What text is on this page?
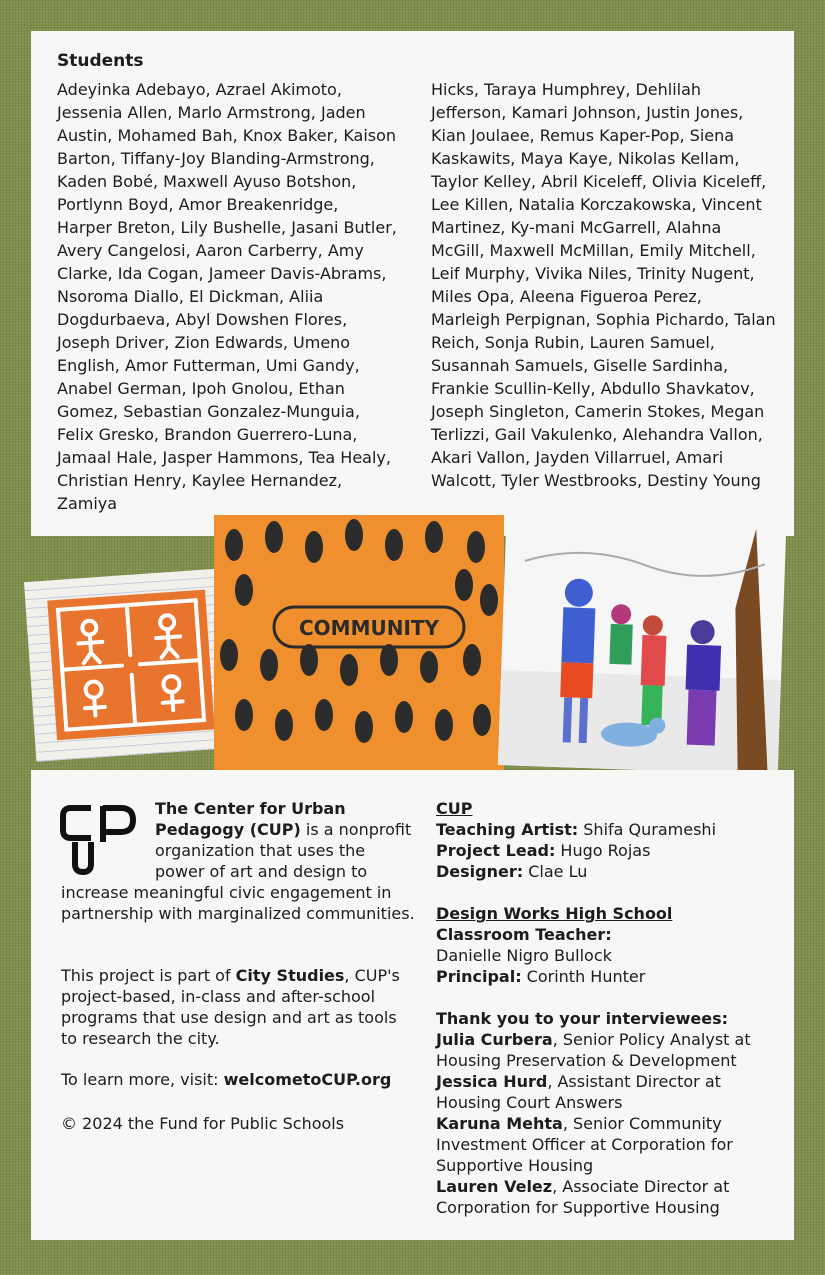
Students
Adeyinka Adebayo, Azrael Akimoto, Jessenia Allen, Marlo Armstrong, Jaden Austin, Mohamed Bah, Knox Baker, Kaison Barton, Tiffany-Joy Blanding-Armstrong, Kaden Bobé, Maxwell Ayuso Botshon, Portlynn Boyd, Amor Breakenridge, Harper Breton, Lily Bushelle, Jasani Butler, Avery Cangelosi, Aaron Carberry, Amy Clarke, Ida Cogan, Jameer Davis-Abrams, Nsoroma Diallo, El Dickman, Aliia Dogdurbaeva, Abyl Dowshen Flores, Joseph Driver, Zion Edwards, Umeno English, Amor Futterman, Umi Gandy, Anabel German, Ipoh Gnolou, Ethan Gomez, Sebastian Gonzalez-Munguia, Felix Gresko, Brandon Guerrero-Luna, Jamaal Hale, Jasper Hammons, Tea Healy, Christian Henry, Kaylee Hernandez, Zamiya
Hicks, Taraya Humphrey, Dehlilah Jefferson, Kamari Johnson, Justin Jones, Kian Joulaee, Remus Kaper-Pop, Siena Kaskawits, Maya Kaye, Nikolas Kellam, Taylor Kelley, Abril Kiceleff, Olivia Kiceleff, Lee Killen, Natalia Korczakowska, Vincent Martinez, Ky-mani McGarrell, Alahna McGill, Maxwell McMillan, Emily Mitchell, Leif Murphy, Vivika Niles, Trinity Nugent, Miles Opa, Aleena Figueroa Perez, Marleigh Perpignan, Sophia Pichardo, Talan Reich, Sonja Rubin, Lauren Samuel, Susannah Samuels, Giselle Sardinha, Frankie Scullin-Kelly, Abdullo Shavkatov, Joseph Singleton, Camerin Stokes, Megan Terlizzi, Gail Vakulenko, Alehandra Vallon, Akari Vallon, Jayden Villarruel, Amari Walcott, Tyler Westbrooks, Destiny Young
COMMUNITY
The Center for Urban Pedagogy (CUP) is a nonprofit organization that uses the power of art and design to increase meaningful civic engagement in partnership with marginalized communities.
This project is part of City Studies, CUP's project-based, in-class and after-school programs that use design and art as tools to research the city.
To learn more, visit: welcometoCUP.org
© 2024 the Fund for Public Schools
CUP
Teaching Artist: Shifa Qurameshi
Project Lead: Hugo Rojas
Designer: Clae Lu
Design Works High School
Classroom Teacher:
Danielle Nigro Bullock
Principal: Corinth Hunter
Thank you to your interviewees:
Julia Curbera, Senior Policy Analyst at Housing Preservation & Development
Jessica Hurd, Assistant Director at Housing Court Answers
Karuna Mehta, Senior Community Investment Officer at Corporation for Supportive Housing
Lauren Velez, Associate Director at Corporation for Supportive Housing
